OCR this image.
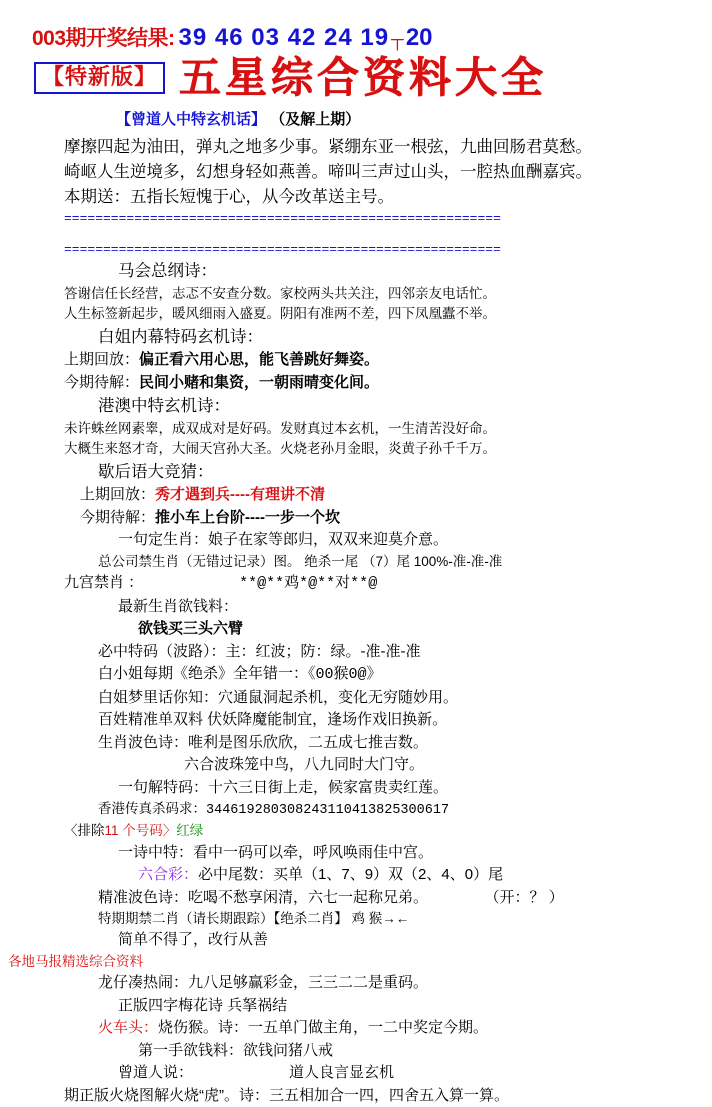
003期开奖结果: 39 46 03 42 24 19 ┬ 20
【特新版】 五星综合资料大全
【曾道人中特玄机话】 （及解上期）
摩擦四起为油田，弹丸之地多少事。紧绷东亚一根弦，九曲回肠君莫愁。
崎岖人生逆境多，幻想身轻如燕善。啼叫三声过山头，一腔热血酬嘉宾。
本期送：五指长短愧于心，从今改革送主号。
========================================================
========================================================
马会总纲诗：
答谢信任长经营，志忑不安查分数。家校两头共关注，四邻亲友电话忙。
人生标签新起步，暖风细雨入盛夏。阴阳有准两不差，四下凤凰蠹不举。
白姐内幕特码玄机诗：
上期回放：偏正看六用心思，能飞善跳好舞姿。
今期待解：民间小赌和集资，一朝雨晴变化间。
港澳中特玄机诗：
未许蛛丝网素睾，成双成对是好码。发财真过本玄机，一生清苦没好命。
大概生来怒才奇，大闹天宫孙大圣。火烧老孙月金眼，炎黄子孙千千万。
歇后语大竞猜：
上期回放：秀才遇到兵----有理讲不清
今期待解：推小车上台阶----一步一个坎
一句定生肖：娘子在家等郎归，双双来迎莫介意。
总公司禁生肖（无错过记录）图。 绝杀一尾 （7）尾 100%-准-准-准
九宫禁肖 ：	**@**鸡*@**对**@
最新生肖欲钱料：
欲钱买三头六臂
必中特码（波路）：主：红波；防：绿。-准-准-准
白小姐每期《绝杀》全年错一：《00猴0@》
白姐梦里话你知：穴通鼠洞起杀机，变化无穷随妙用。
百姓精准单双料 伏妖降魔能制宜，逢场作戏旧换新。
生肖波色诗：唯利是图乐欣欣，二五成七推吉数。
六合波珠笼中鸟，八九同时大门守。
一句解特码：十六三日街上走，候家富贵卖红莲。
香港传真杀码求：34461928030824311041382530061​7
〈排除11 个号码〉红绿
一诗中特：看中一码可以牵，呼风唤雨佳中宫。
六合彩：必中尾数：买单（1、7、9）双（2、4、0）尾
精准波色诗：吃喝不愁享闲清，六七一起称兄弟。	（开：？ ）
特期期禁二肖（请长期跟踪）【绝杀二肖】 鸡 猴→←
简单不得了，改行从善
各地马报精选综合资料
龙仔凑热闹：九八足够赢彩金，三三二二是重码。
正版四字梅花诗 兵拏祸结
火车头：烧伤猴。诗：一五单门做主角，一二中奖定今期。
第一手欲钱料：欲钱问猪八戒
曾道人说：	道人良言显玄机
期正版火烧图解火烧“虎”。诗：三五相加合一四，四舍五入算一算。
